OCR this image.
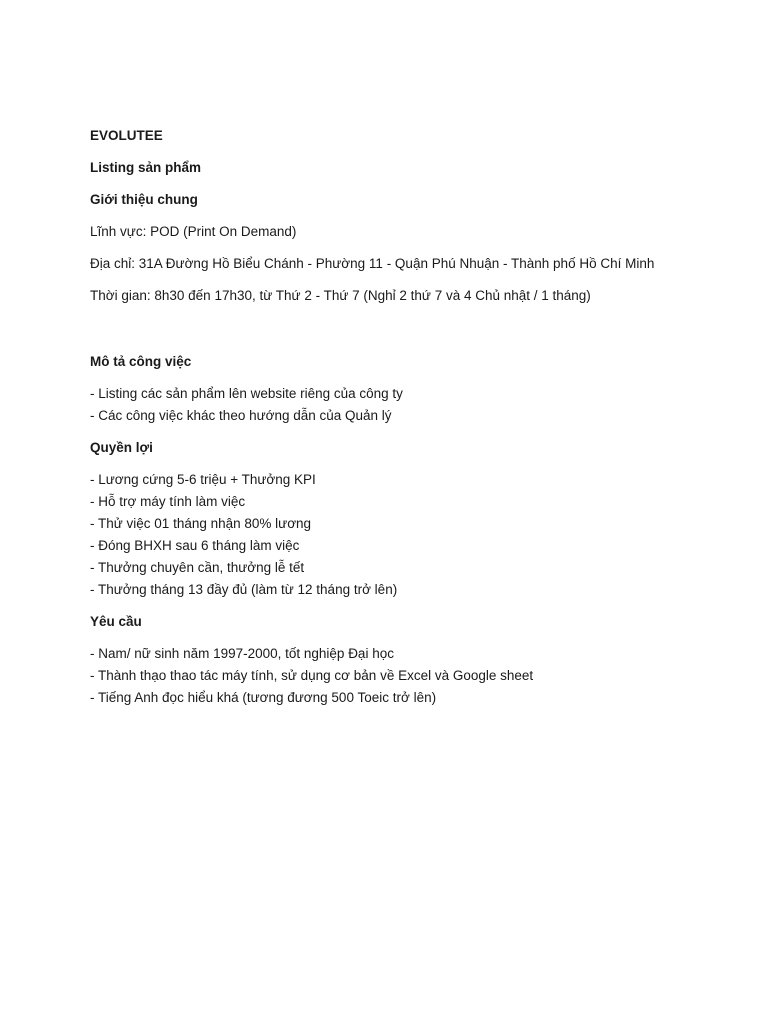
EVOLUTEE

Listing sản phẩm

Giới thiệu chung

Lĩnh vực: POD (Print On Demand)

Địa chỉ: 31A Đường Hồ Biểu Chánh - Phường 11 - Quận Phú Nhuận - Thành phố Hồ Chí Minh

Thời gian: 8h30 đến 17h30, từ Thứ 2 - Thứ 7 (Nghỉ 2 thứ 7 và 4 Chủ nhật / 1 tháng)

Mô tả công việc

- Listing các sản phẩm lên website riêng của công ty
- Các công việc khác theo hướng dẫn của Quản lý

Quyền lợi

- Lương cứng 5-6 triệu + Thưởng KPI
- Hỗ trợ máy tính làm việc
- Thử việc 01 tháng nhận 80% lương
- Đóng BHXH sau 6 tháng làm việc
- Thưởng chuyên cần, thưởng lễ tết
- Thưởng tháng 13 đầy đủ (làm từ 12 tháng trở lên)

Yêu cầu

- Nam/ nữ sinh năm 1997-2000, tốt nghiệp Đại học
- Thành thạo thao tác máy tính, sử dụng cơ bản về Excel và Google sheet
- Tiếng Anh đọc hiểu khá (tương đương 500 Toeic trở lên)
